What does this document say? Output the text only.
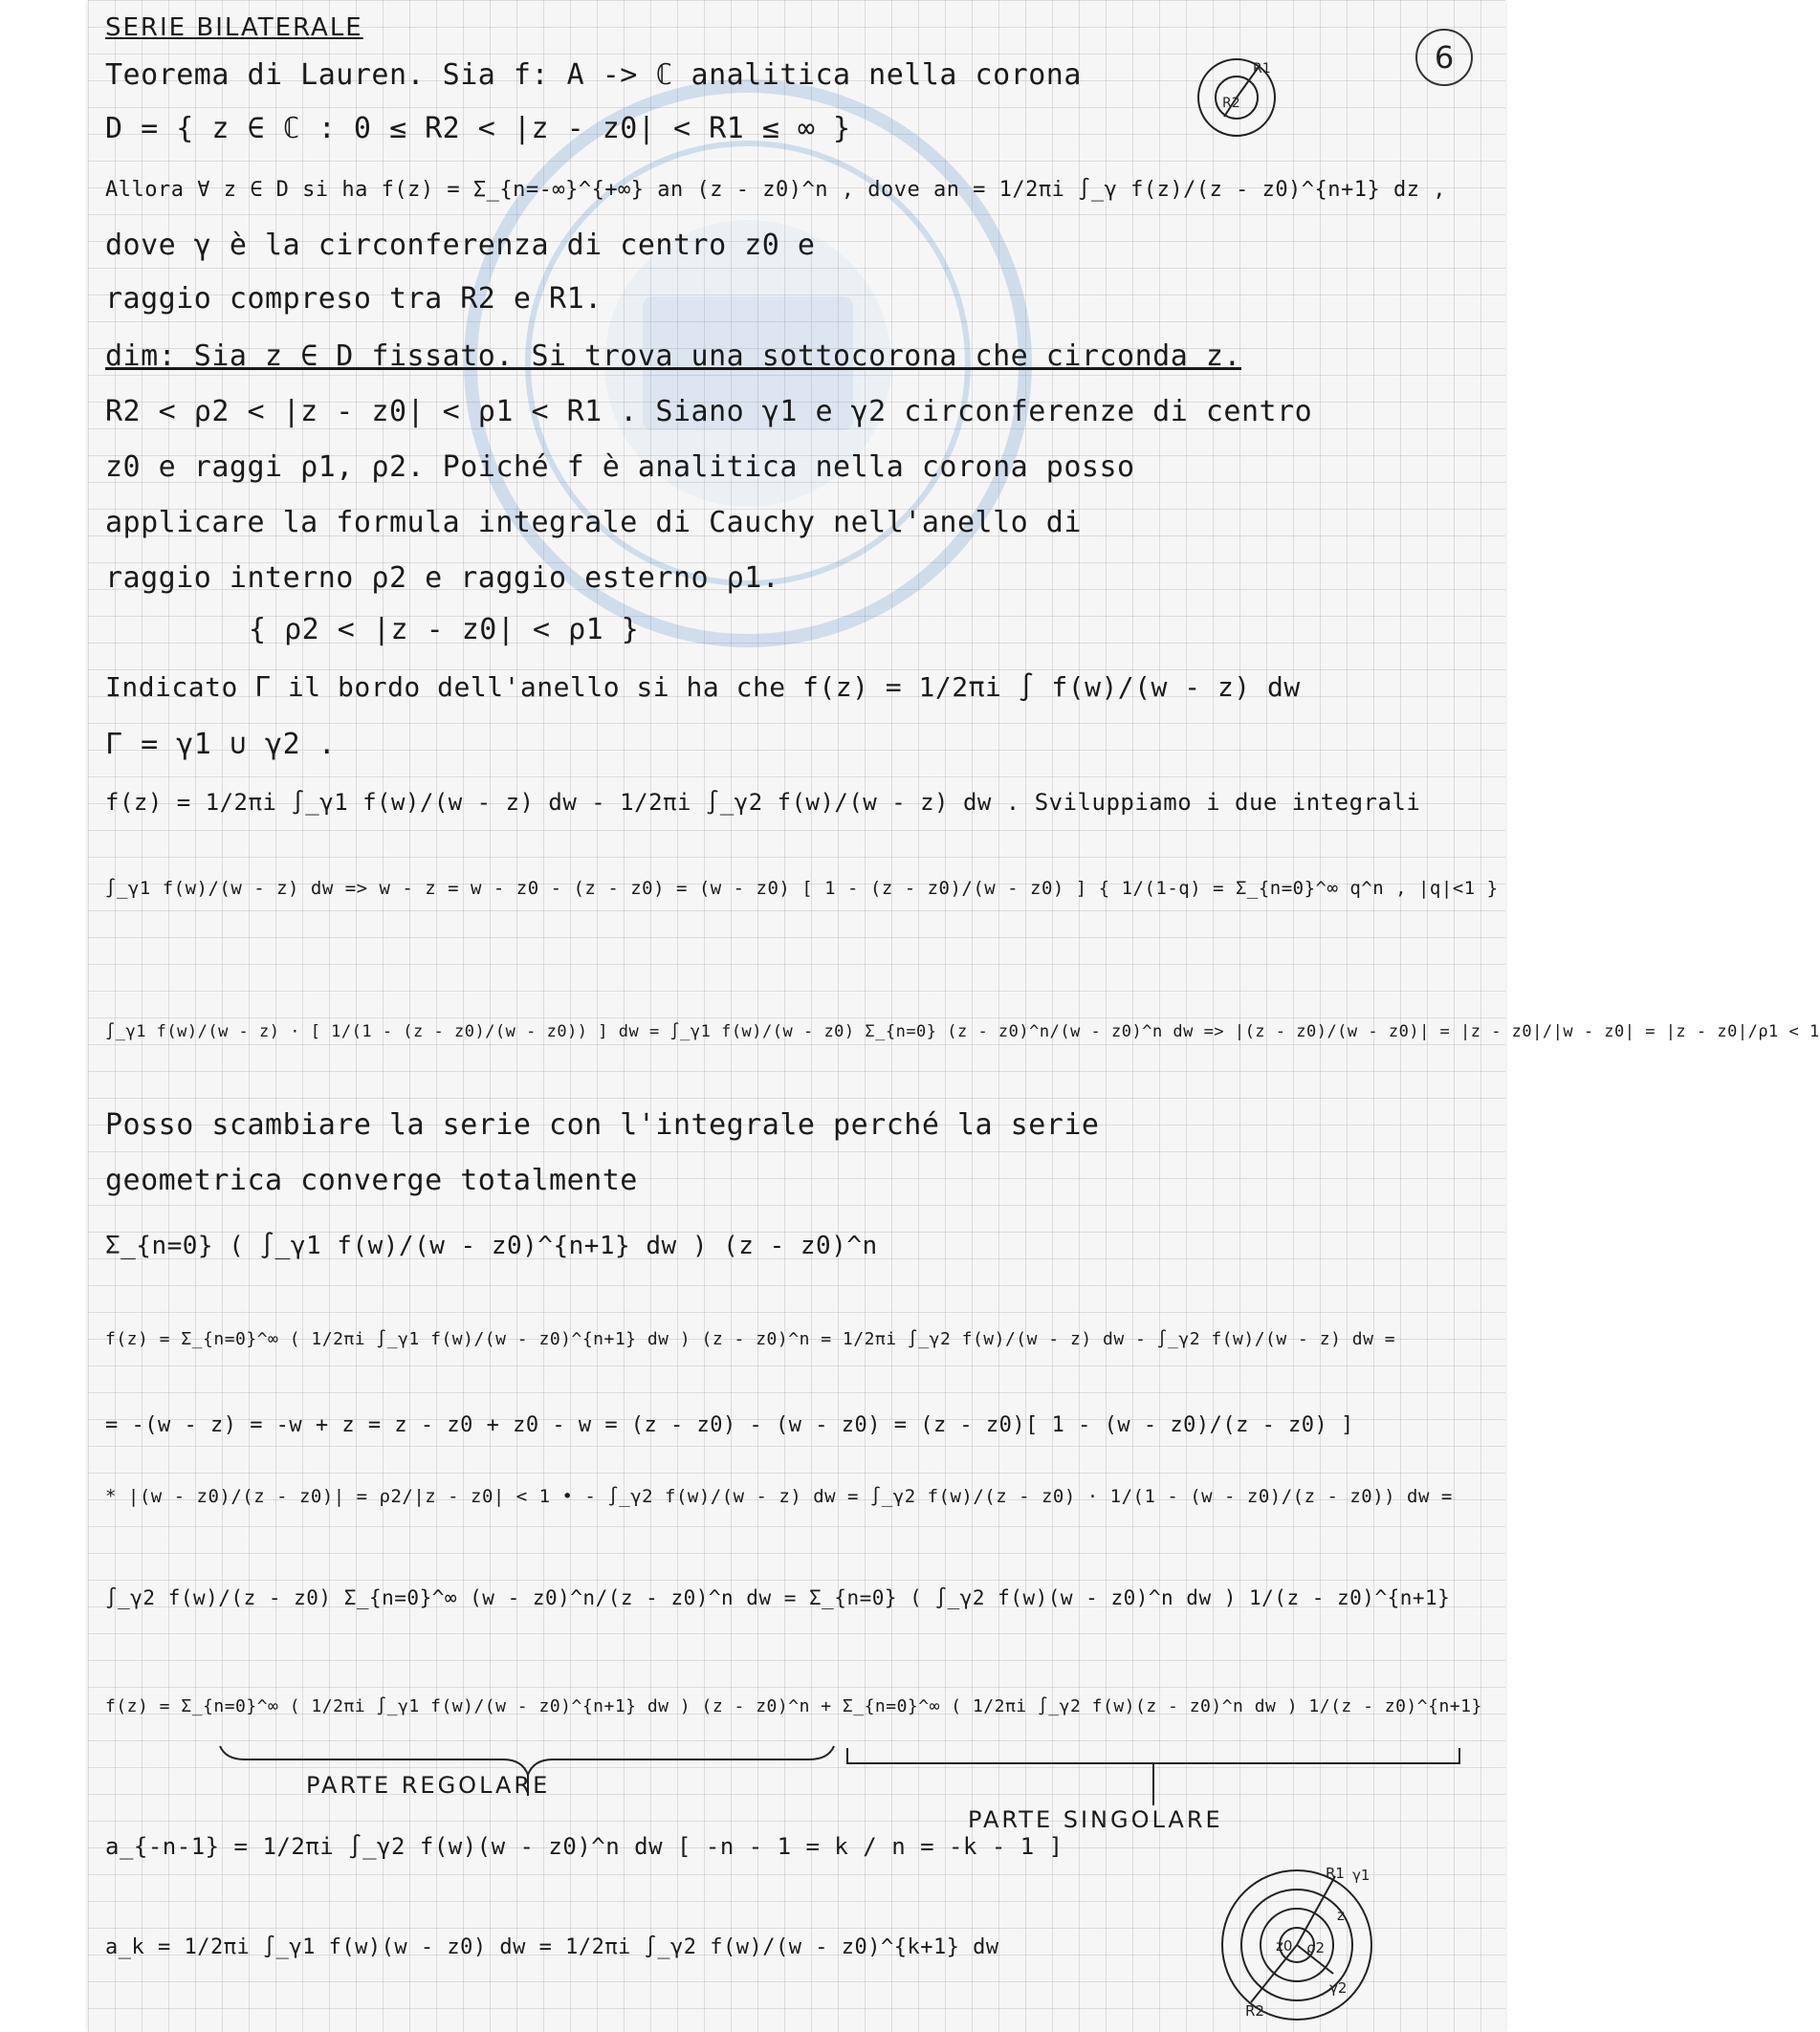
SERIE BILATERALE
6
R1
R2
Teorema di Lauren. Sia f: A -> ℂ analitica nella corona
D = { z ∈ ℂ : 0 ≤ R2 < |z - z0| < R1 ≤ ∞ }
Allora ∀ z ∈ D si ha f(z) = Σ_{n=-∞}^{+∞} an (z - z0)^n , dove an = 1/2πi ∫_γ f(z)/(z - z0)^{n+1} dz ,
dove γ è la circonferenza di centro z0 e
raggio compreso tra R2 e R1.
dim: Sia z ∈ D fissato. Si trova una sottocorona che circonda z.
R2 < ρ2 < |z - z0| < ρ1 < R1 . Siano γ1 e γ2 circonferenze di centro
z0 e raggi ρ1, ρ2. Poiché f è analitica nella corona posso
applicare la formula integrale di Cauchy nell'anello di
raggio interno ρ2 e raggio esterno ρ1.
{ ρ2 < |z - z0| < ρ1 }
Indicato Γ il bordo dell'anello si ha che f(z) = 1/2πi ∫ f(w)/(w - z) dw
Γ = γ1 ∪ γ2 .
f(z) = 1/2πi ∫_γ1 f(w)/(w - z) dw - 1/2πi ∫_γ2 f(w)/(w - z) dw . Sviluppiamo i due integrali
∫_γ1 f(w)/(w - z) dw => w - z = w - z0 - (z - z0) = (w - z0) [ 1 - (z - z0)/(w - z0) ] { 1/(1-q) = Σ_{n=0}^∞ q^n , |q|<1 }
∫_γ1 f(w)/(w - z) · [ 1/(1 - (z - z0)/(w - z0)) ] dw = ∫_γ1 f(w)/(w - z0) Σ_{n=0} (z - z0)^n/(w - z0)^n dw => |(z - z0)/(w - z0)| = |z - z0|/|w - z0| = |z - z0|/ρ1 < 1
Posso scambiare la serie con l'integrale perché la serie
geometrica converge totalmente
Σ_{n=0} ( ∫_γ1 f(w)/(w - z0)^{n+1} dw ) (z - z0)^n
f(z) = Σ_{n=0}^∞ ( 1/2πi ∫_γ1 f(w)/(w - z0)^{n+1} dw ) (z - z0)^n = 1/2πi ∫_γ2 f(w)/(w - z) dw - ∫_γ2 f(w)/(w - z) dw =
= -(w - z) = -w + z = z - z0 + z0 - w = (z - z0) - (w - z0) = (z - z0)[ 1 - (w - z0)/(z - z0) ]
* |(w - z0)/(z - z0)| = ρ2/|z - z0| < 1 • - ∫_γ2 f(w)/(w - z) dw = ∫_γ2 f(w)/(z - z0) · 1/(1 - (w - z0)/(z - z0)) dw =
∫_γ2 f(w)/(z - z0) Σ_{n=0}^∞ (w - z0)^n/(z - z0)^n dw = Σ_{n=0} ( ∫_γ2 f(w)(w - z0)^n dw ) 1/(z - z0)^{n+1}
f(z) = Σ_{n=0}^∞ ( 1/2πi ∫_γ1 f(w)/(w - z0)^{n+1} dw ) (z - z0)^n + Σ_{n=0}^∞ ( 1/2πi ∫_γ2 f(w)(z - z0)^n dw ) 1/(z - z0)^{n+1}
PARTE REGOLARE
PARTE SINGOLARE
a_{-n-1} = 1/2πi ∫_γ2 f(w)(w - z0)^n dw [ -n - 1 = k / n = -k - 1 ]
a_k = 1/2πi ∫_γ1 f(w)(w - z0) dw = 1/2πi ∫_γ2 f(w)/(w - z0)^{k+1} dw
R1 γ1
z0 ρ2
z
γ2
R2
